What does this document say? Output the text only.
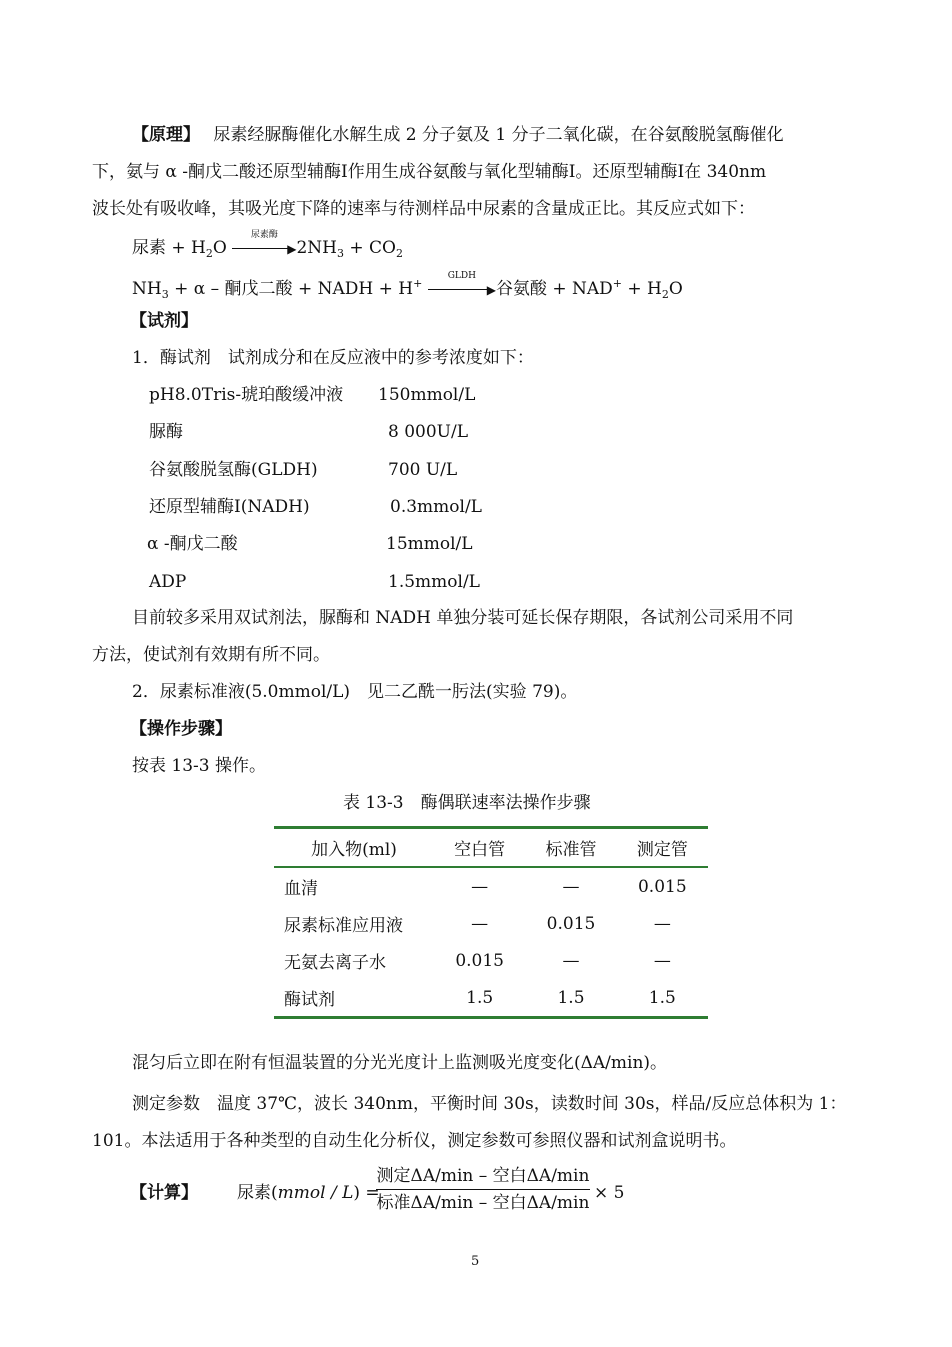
【原理】 尿素经脲酶催化水解生成 2 分子氨及 1 分子二氧化碳，在谷氨酸脱氢酶催化
下，氨与 α -酮戊二酸还原型辅酶Ⅰ作用生成谷氨酸与氧化型辅酶Ⅰ。还原型辅酶Ⅰ在 340nm
波长处有吸收峰，其吸光度下降的速率与待测样品中尿素的含量成正比。其反应式如下：
尿素 + $H_2O$
尿素酶
$▶2NH_3 + CO_2$
$NH_3 + \alpha$ – 酮戊二酸 + NADH + H+
GLDH
▶谷氨酸 + $NAD^+ + H_2O$
【试剂】
1．酶试剂　试剂成分和在反应液中的参考浓度如下：
pH8.0Tris-琥珀酸缓冲液 150mmol/L
脲酶	8 000U/L
谷氨酸脱氢酶(GLDH)	700 U/L
还原型辅酶Ⅰ(NADH)	0.3mmol/L
α -酮戊二酸	15mmol/L
ADP	1.5mmol/L
目前较多采用双试剂法，脲酶和 NADH 单独分装可延长保存期限，各试剂公司采用不同
方法，使试剂有效期有所不同。
2．尿素标准液(5.0mmol/L)　见二乙酰一肟法(实验 79)。
【操作步骤】
按表 13-3 操作。
表 13-3　酶偶联速率法操作步骤
加入物(ml)	空白管	标准管	测定管
血清	—	—	0.015
尿素标准应用液	—	0.015	—
无氨去离子水	0.015	—	—
酶试剂	1.5	1.5	1.5
混匀后立即在附有恒温装置的分光光度计上监测吸光度变化(ΔA/min)。
测定参数　温度 37℃，波长 340nm，平衡时间 30s，读数时间 30s，样品/反应总体积为 1：
101。本法适用于各种类型的自动生化分析仪，测定参数可参照仪器和试剂盒说明书。
【计算】 尿素(mmol / L) =
测定ΔA/min – 空白ΔA/min
标准ΔA/min – 空白ΔA/min × 5
5
